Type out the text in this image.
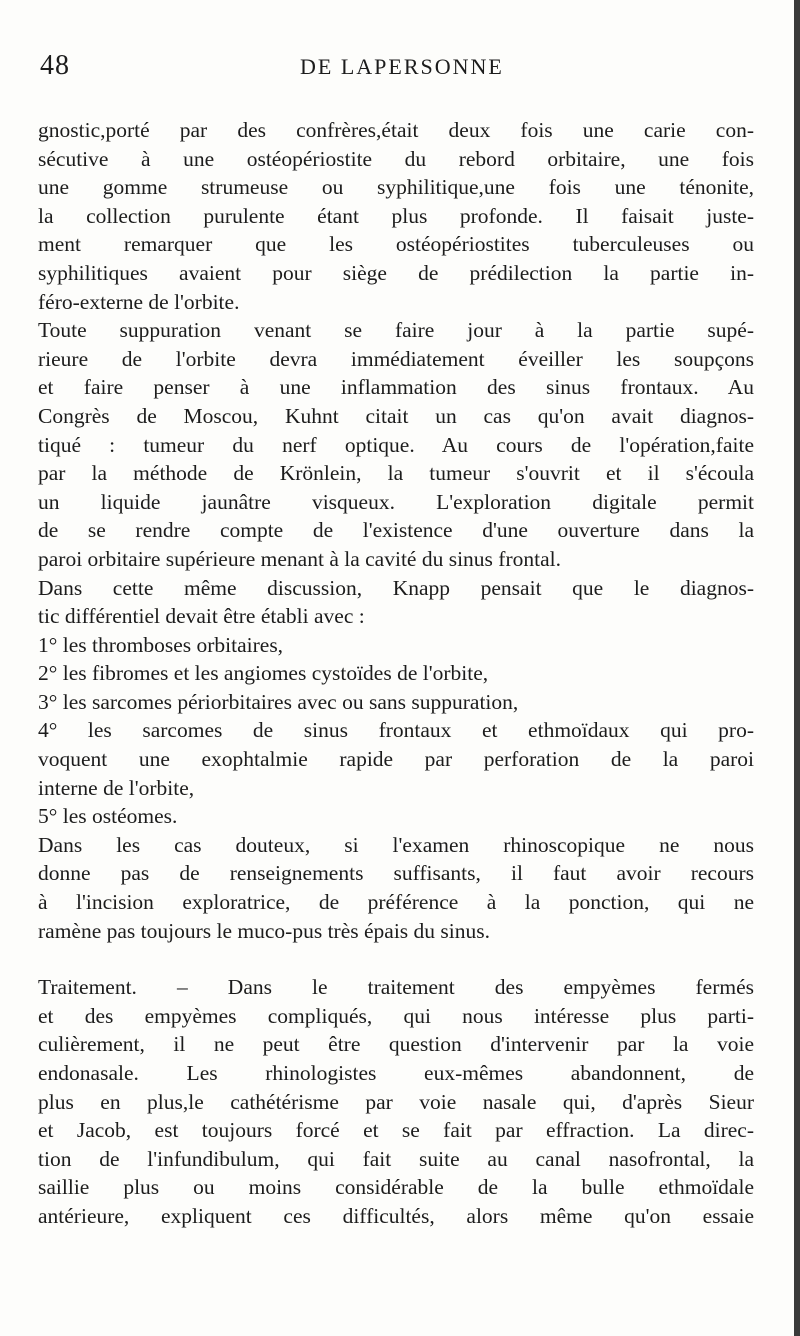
48	DE LAPERSONNE
gnostic,porté par des confrères,était deux fois une carie con-
sécutive à une ostéopériostite du rebord orbitaire, une fois
une gomme strumeuse ou syphilitique,une fois une ténonite,
la collection purulente étant plus profonde. Il faisait juste-
ment remarquer que les ostéopériostites tuberculeuses ou
syphilitiques avaient pour siège de prédilection la partie in-
féro-externe de l'orbite.
Toute suppuration venant se faire jour à la partie supé-
rieure de l'orbite devra immédiatement éveiller les soupçons
et faire penser à une inflammation des sinus frontaux. Au
Congrès de Moscou, Kuhnt citait un cas qu'on avait diagnos-
tiqué : tumeur du nerf optique. Au cours de l'opération,faite
par la méthode de Krönlein, la tumeur s'ouvrit et il s'écoula
un liquide jaunâtre visqueux. L'exploration digitale permit
de se rendre compte de l'existence d'une ouverture dans la
paroi orbitaire supérieure menant à la cavité du sinus frontal.
Dans cette même discussion, Knapp pensait que le diagnos-
tic différentiel devait être établi avec :
1° les thromboses orbitaires,
2° les fibromes et les angiomes cystoïdes de l'orbite,
3° les sarcomes périorbitaires avec ou sans suppuration,
4° les sarcomes de sinus frontaux et ethmoïdaux qui pro-
voquent une exophtalmie rapide par perforation de la paroi
interne de l'orbite,
5° les ostéomes.
Dans les cas douteux, si l'examen rhinoscopique ne nous
donne pas de renseignements suffisants, il faut avoir recours
à l'incision exploratrice, de préférence à la ponction, qui ne
ramène pas toujours le muco-pus très épais du sinus.
Traitement. – Dans le traitement des empyèmes fermés
et des empyèmes compliqués, qui nous intéresse plus parti-
culièrement, il ne peut être question d'intervenir par la voie
endonasale. Les rhinologistes eux-mêmes abandonnent, de
plus en plus,le cathétérisme par voie nasale qui, d'après Sieur
et Jacob, est toujours forcé et se fait par effraction. La direc-
tion de l'infundibulum, qui fait suite au canal nasofrontal, la
saillie plus ou moins considérable de la bulle ethmoïdale
antérieure, expliquent ces difficultés, alors même qu'on essaie
